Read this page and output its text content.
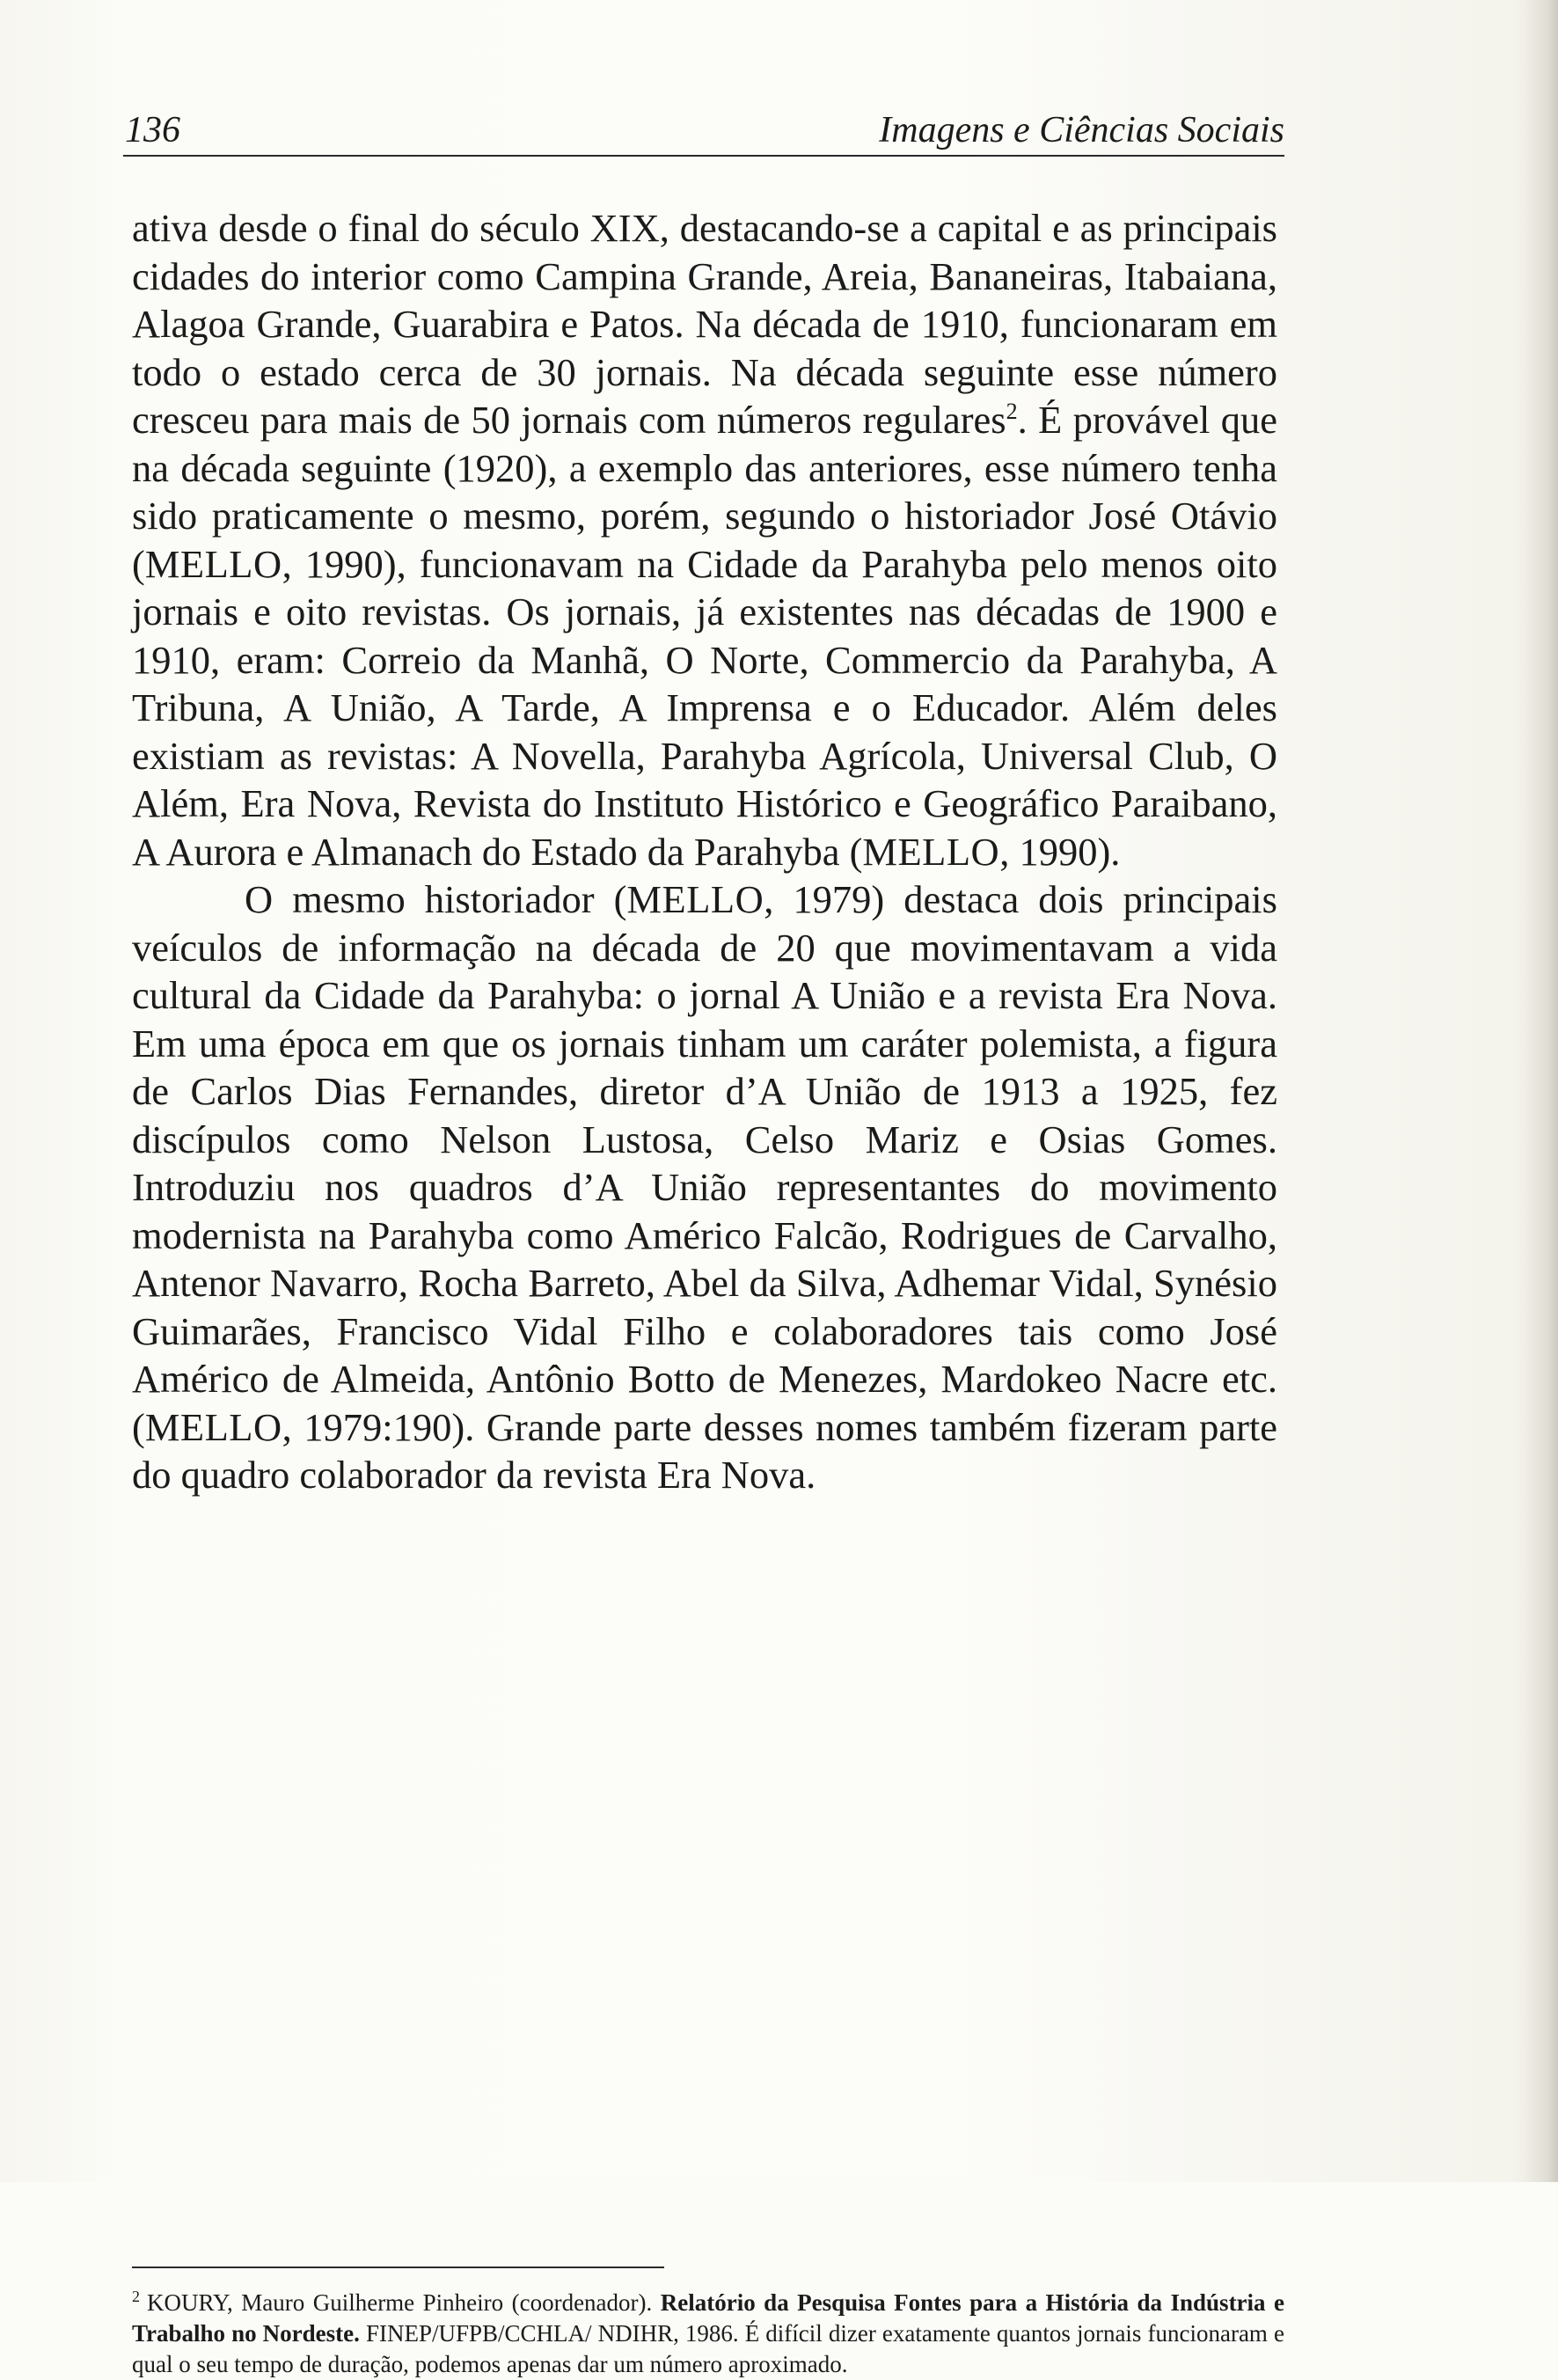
136	Imagens e Ciências Sociais

ativa desde o final do século XIX, destacando-se a capital e as principais cidades do interior como Campina Grande, Areia, Bananeiras, Itabaiana, Alagoa Grande, Guarabira e Patos. Na década de 1910, funcionaram em todo o estado cerca de 30 jornais. Na década seguinte esse número cresceu para mais de 50 jornais com números regulares$^2$. É provável que na década seguinte (1920), a exemplo das anteriores, esse número tenha sido praticamente o mesmo, porém, segundo o historiador José Otávio (MELLO, 1990), funcionavam na Cidade da Parahyba pelo menos oito jornais e oito revistas. Os jornais, já existentes nas décadas de 1900 e 1910, eram: Correio da Manhã, O Norte, Commercio da Parahyba, A Tribuna, A União, A Tarde, A Imprensa e o Educador. Além deles existiam as revistas: A Novella, Parahyba Agrícola, Universal Club, O Além, Era Nova, Revista do Instituto Histórico e Geográfico Paraibano, A Aurora e Almanach do Estado da Parahyba (MELLO, 1990).

O mesmo historiador (MELLO, 1979) destaca dois principais veículos de informação na década de 20 que movimentavam a vida cultural da Cidade da Parahyba: o jornal A União e a revista Era Nova. Em uma época em que os jornais tinham um caráter polemista, a figura de Carlos Dias Fernandes, diretor d’A União de 1913 a 1925, fez discípulos como Nelson Lustosa, Celso Mariz e Osias Gomes. Introduziu nos quadros d’A União representantes do movimento modernista na Parahyba como Américo Falcão, Rodrigues de Carvalho, Antenor Navarro, Rocha Barreto, Abel da Silva, Adhemar Vidal, Synésio Guimarães, Francisco Vidal Filho e colaboradores tais como José Américo de Almeida, Antônio Botto de Menezes, Mardokeo Nacre etc. (MELLO, 1979:190). Grande parte desses nomes também fizeram parte do quadro colaborador da revista Era Nova.

$^2$ KOURY, Mauro Guilherme Pinheiro (coordenador). Relatório da Pesquisa Fontes para a História da Indústria e Trabalho no Nordeste. FINEP/UFPB/CCHLA/ NDIHR, 1986. É difícil dizer exatamente quantos jornais funcionaram e qual o seu tempo de duração, podemos apenas dar um número aproximado.
